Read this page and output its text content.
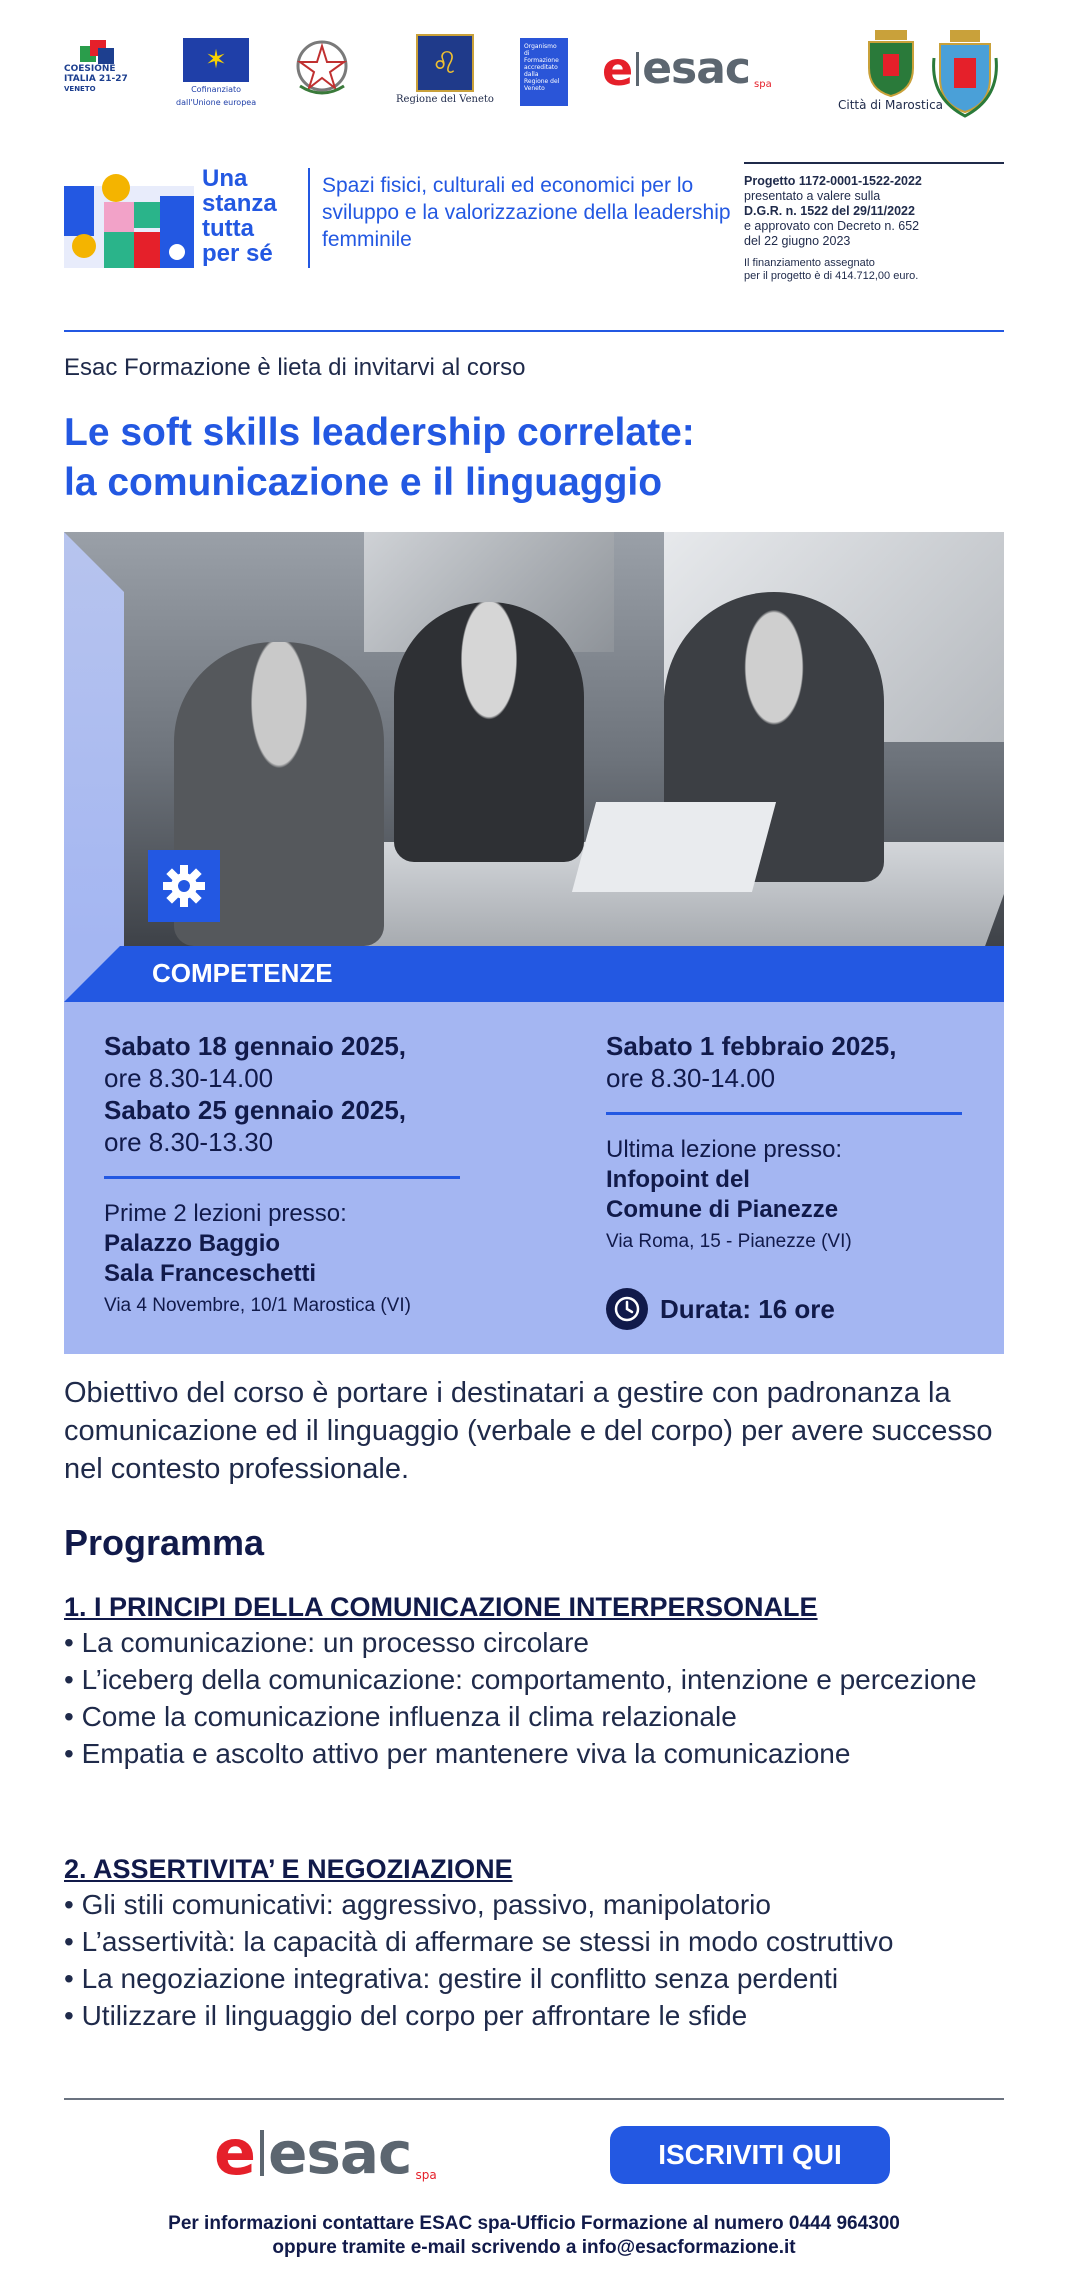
COESIONE
ITALIA 21-27
VENETO
✶
Cofinanziato
dall'Unione europea
♌
Regione del Veneto
Organismo di Formazione accreditato dalla Regione del Veneto	e esac spa
Città di Marostica
Una
stanza
tutta
per sé
Spazi fisici, culturali ed economici per lo sviluppo e la valorizzazione della leadership femminile
Progetto 1172-0001-1522-2022
presentato a valere sulla
D.G.R. n. 1522 del 29/11/2022
e approvato con Decreto n. 652
del 22 giugno 2023
Il finanziamento assegnato
per il progetto è di 414.712,00 euro.
Esac Formazione è lieta di invitarvi al corso
Le soft skills leadership correlate:
la comunicazione e il linguaggio
COMPETENZE
Sabato 18 gennaio 2025,
ore 8.30-14.00
Sabato 25 gennaio 2025,
ore 8.30-13.30
Prime 2 lezioni presso:
Palazzo Baggio
Sala Franceschetti
Via 4 Novembre, 10/1 Marostica (VI)
Sabato 1 febbraio 2025,
ore 8.30-14.00
Ultima lezione presso:
Infopoint del
Comune di Pianezze
Via Roma, 15 - Pianezze (VI)
Durata: 16 ore
Obiettivo del corso è portare i destinatari a gestire con padronanza la comunicazione ed il linguaggio (verbale e del corpo) per avere successo nel contesto professionale.
Programma
1. I PRINCIPI DELLA COMUNICAZIONE INTERPERSONALE
• La comunicazione: un processo circolare
• L’iceberg della comunicazione: comportamento, intenzione e percezione
• Come la comunicazione influenza il clima relazionale
• Empatia e ascolto attivo per mantenere viva la comunicazione
2. ASSERTIVITA’ E NEGOZIAZIONE
• Gli stili comunicativi: aggressivo, passivo, manipolatorio
• L’assertività: la capacità di affermare se stessi in modo costruttivo
• La negoziazione integrativa: gestire il conflitto senza perdenti
• Utilizzare il linguaggio del corpo per affrontare le sfide
e esac spa
ISCRIVITI QUI
Per informazioni contattare ESAC spa-Ufficio Formazione al numero 0444 964300
oppure tramite e-mail scrivendo a info@esacformazione.it
